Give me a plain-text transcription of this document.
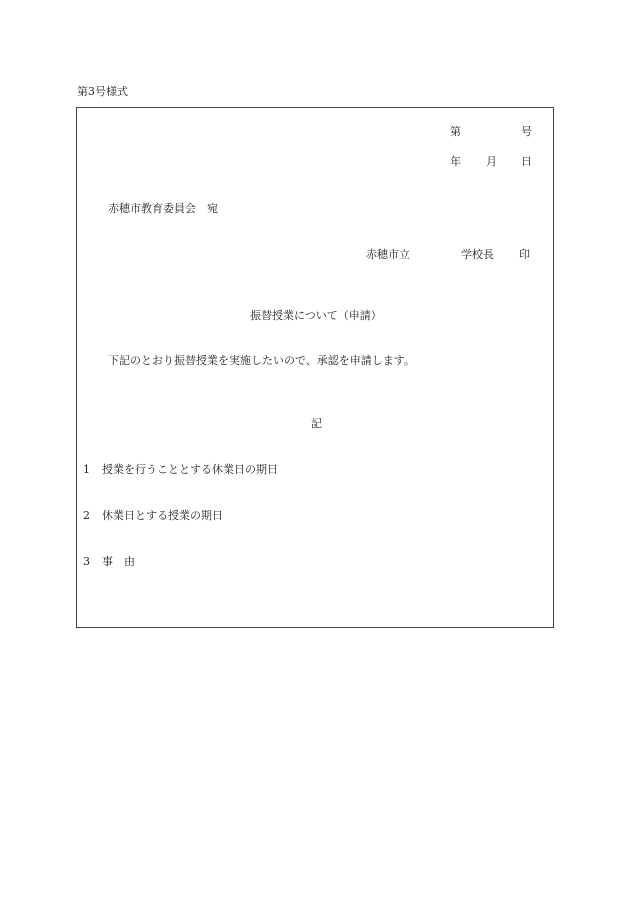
第3号様式
第	号
年 月 日
赤穂市教育委員会　宛
赤穂市立	学校長 印
振替授業について（申請）
下記のとおり振替授業を実施したいので、承認を申請します。
記
1 授業を行うこととする休業日の期日
2 休業日とする授業の期日
3 事　由
